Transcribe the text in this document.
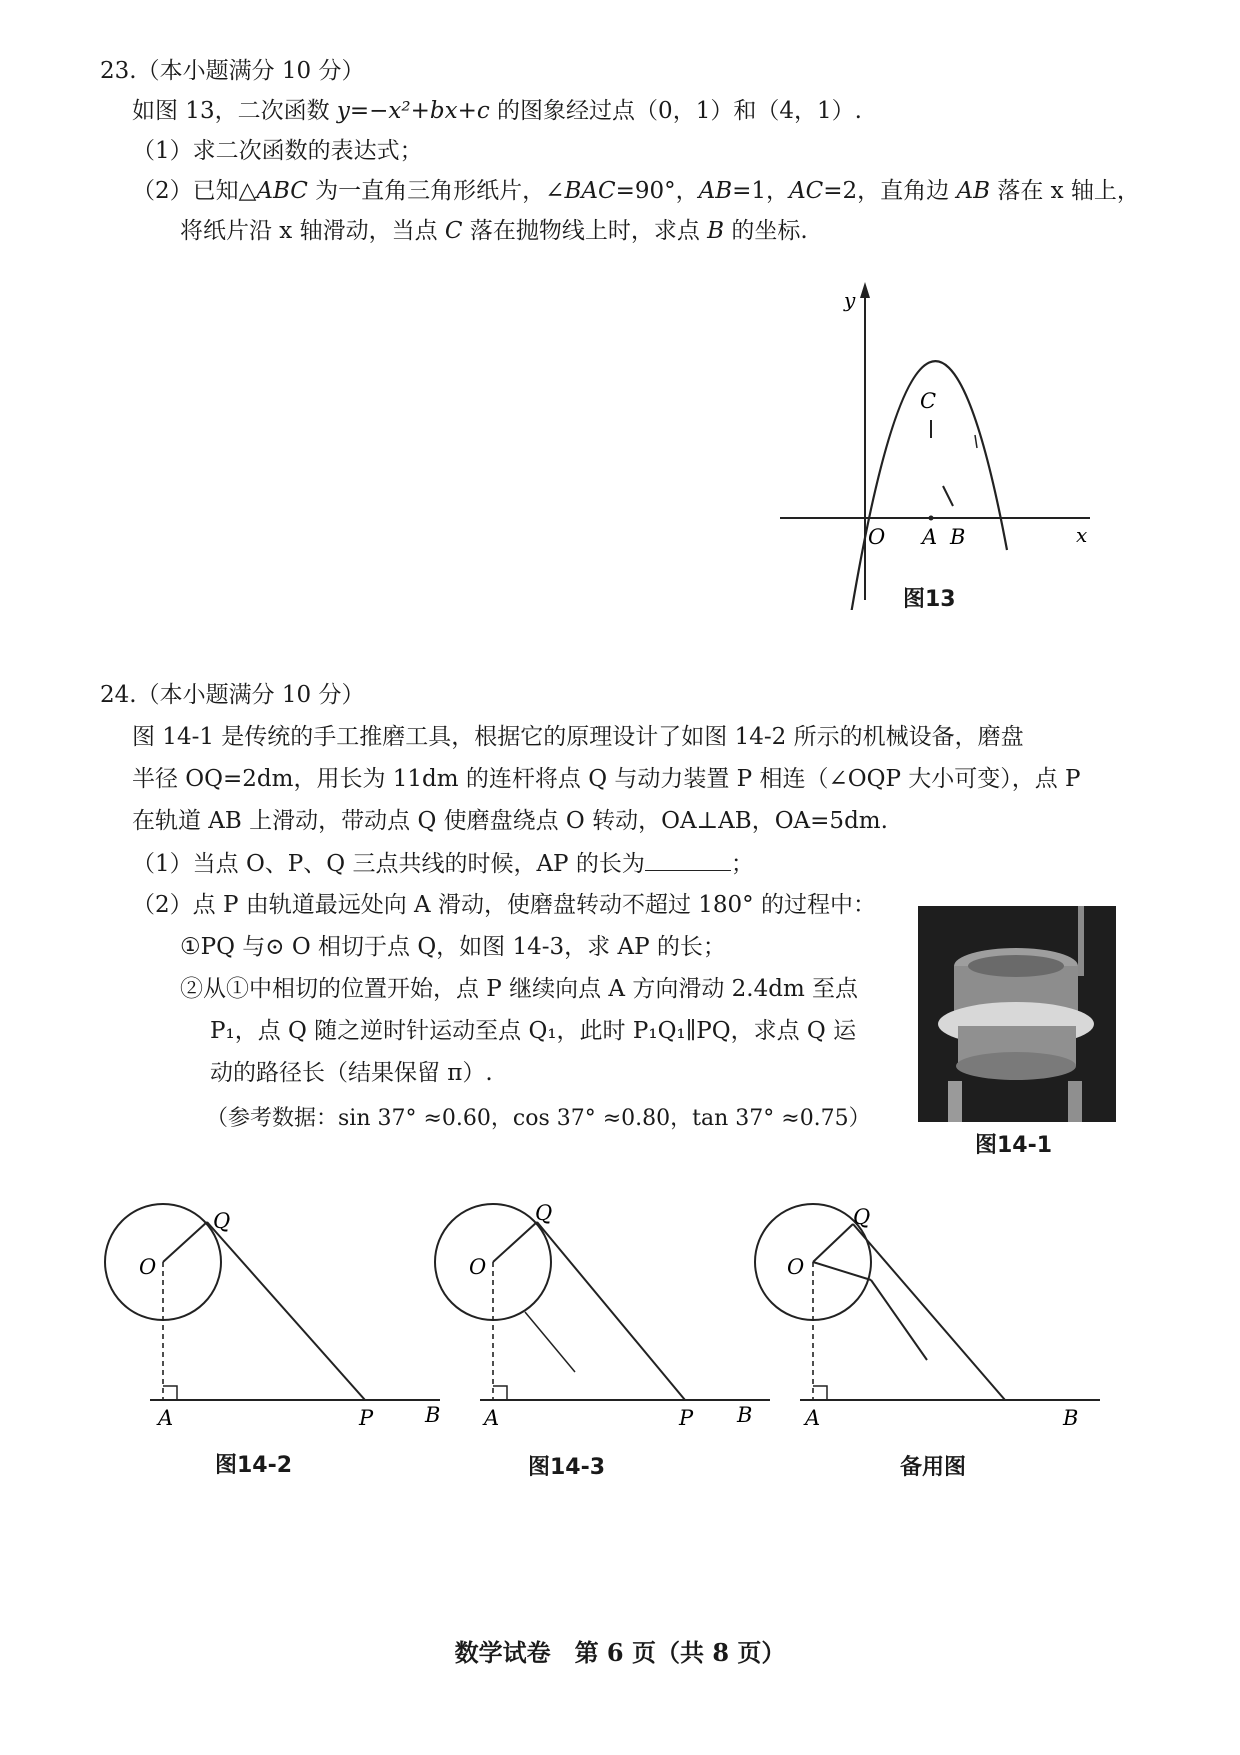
23.（本小题满分 10 分）
如图 13，二次函数 y=−x²+bx+c 的图象经过点（0，1）和（4，1）.
（1）求二次函数的表达式；
（2）已知△ABC 为一直角三角形纸片，∠BAC=90°，AB=1，AC=2，直角边 AB 落在 x 轴上，
将纸片沿 x 轴滑动，当点 C 落在抛物线上时，求点 B 的坐标.
y
x
O A B
C
图13
24.（本小题满分 10 分）
图 14-1 是传统的手工推磨工具，根据它的原理设计了如图 14-2 所示的机械设备，磨盘
半径 OQ=2dm，用长为 11dm 的连杆将点 Q 与动力装置 P 相连（∠OQP 大小可变），点 P
在轨道 AB 上滑动，带动点 Q 使磨盘绕点 O 转动，OA⊥AB，OA=5dm.
（1）当点 O、P、Q 三点共线的时候，AP 的长为	；
（2）点 P 由轨道最远处向 A 滑动，使磨盘转动不超过 180° 的过程中：
①PQ 与⊙ O 相切于点 Q，如图 14-3，求 AP 的长；
②从①中相切的位置开始，点 P 继续向点 A 方向滑动 2.4dm 至点
P₁，点 Q 随之逆时针运动至点 Q₁，此时 P₁Q₁∥PQ，求点 Q 运
动的路径长（结果保留 π）.
（参考数据：sin 37° ≈0.60，cos 37° ≈0.80，tan 37° ≈0.75）
图14-1
O
Q
A	P B
图14-2
O
Q
A	P B
图14-3
O
Q
A	B
备用图
数学试卷　第 6 页（共 8 页）
